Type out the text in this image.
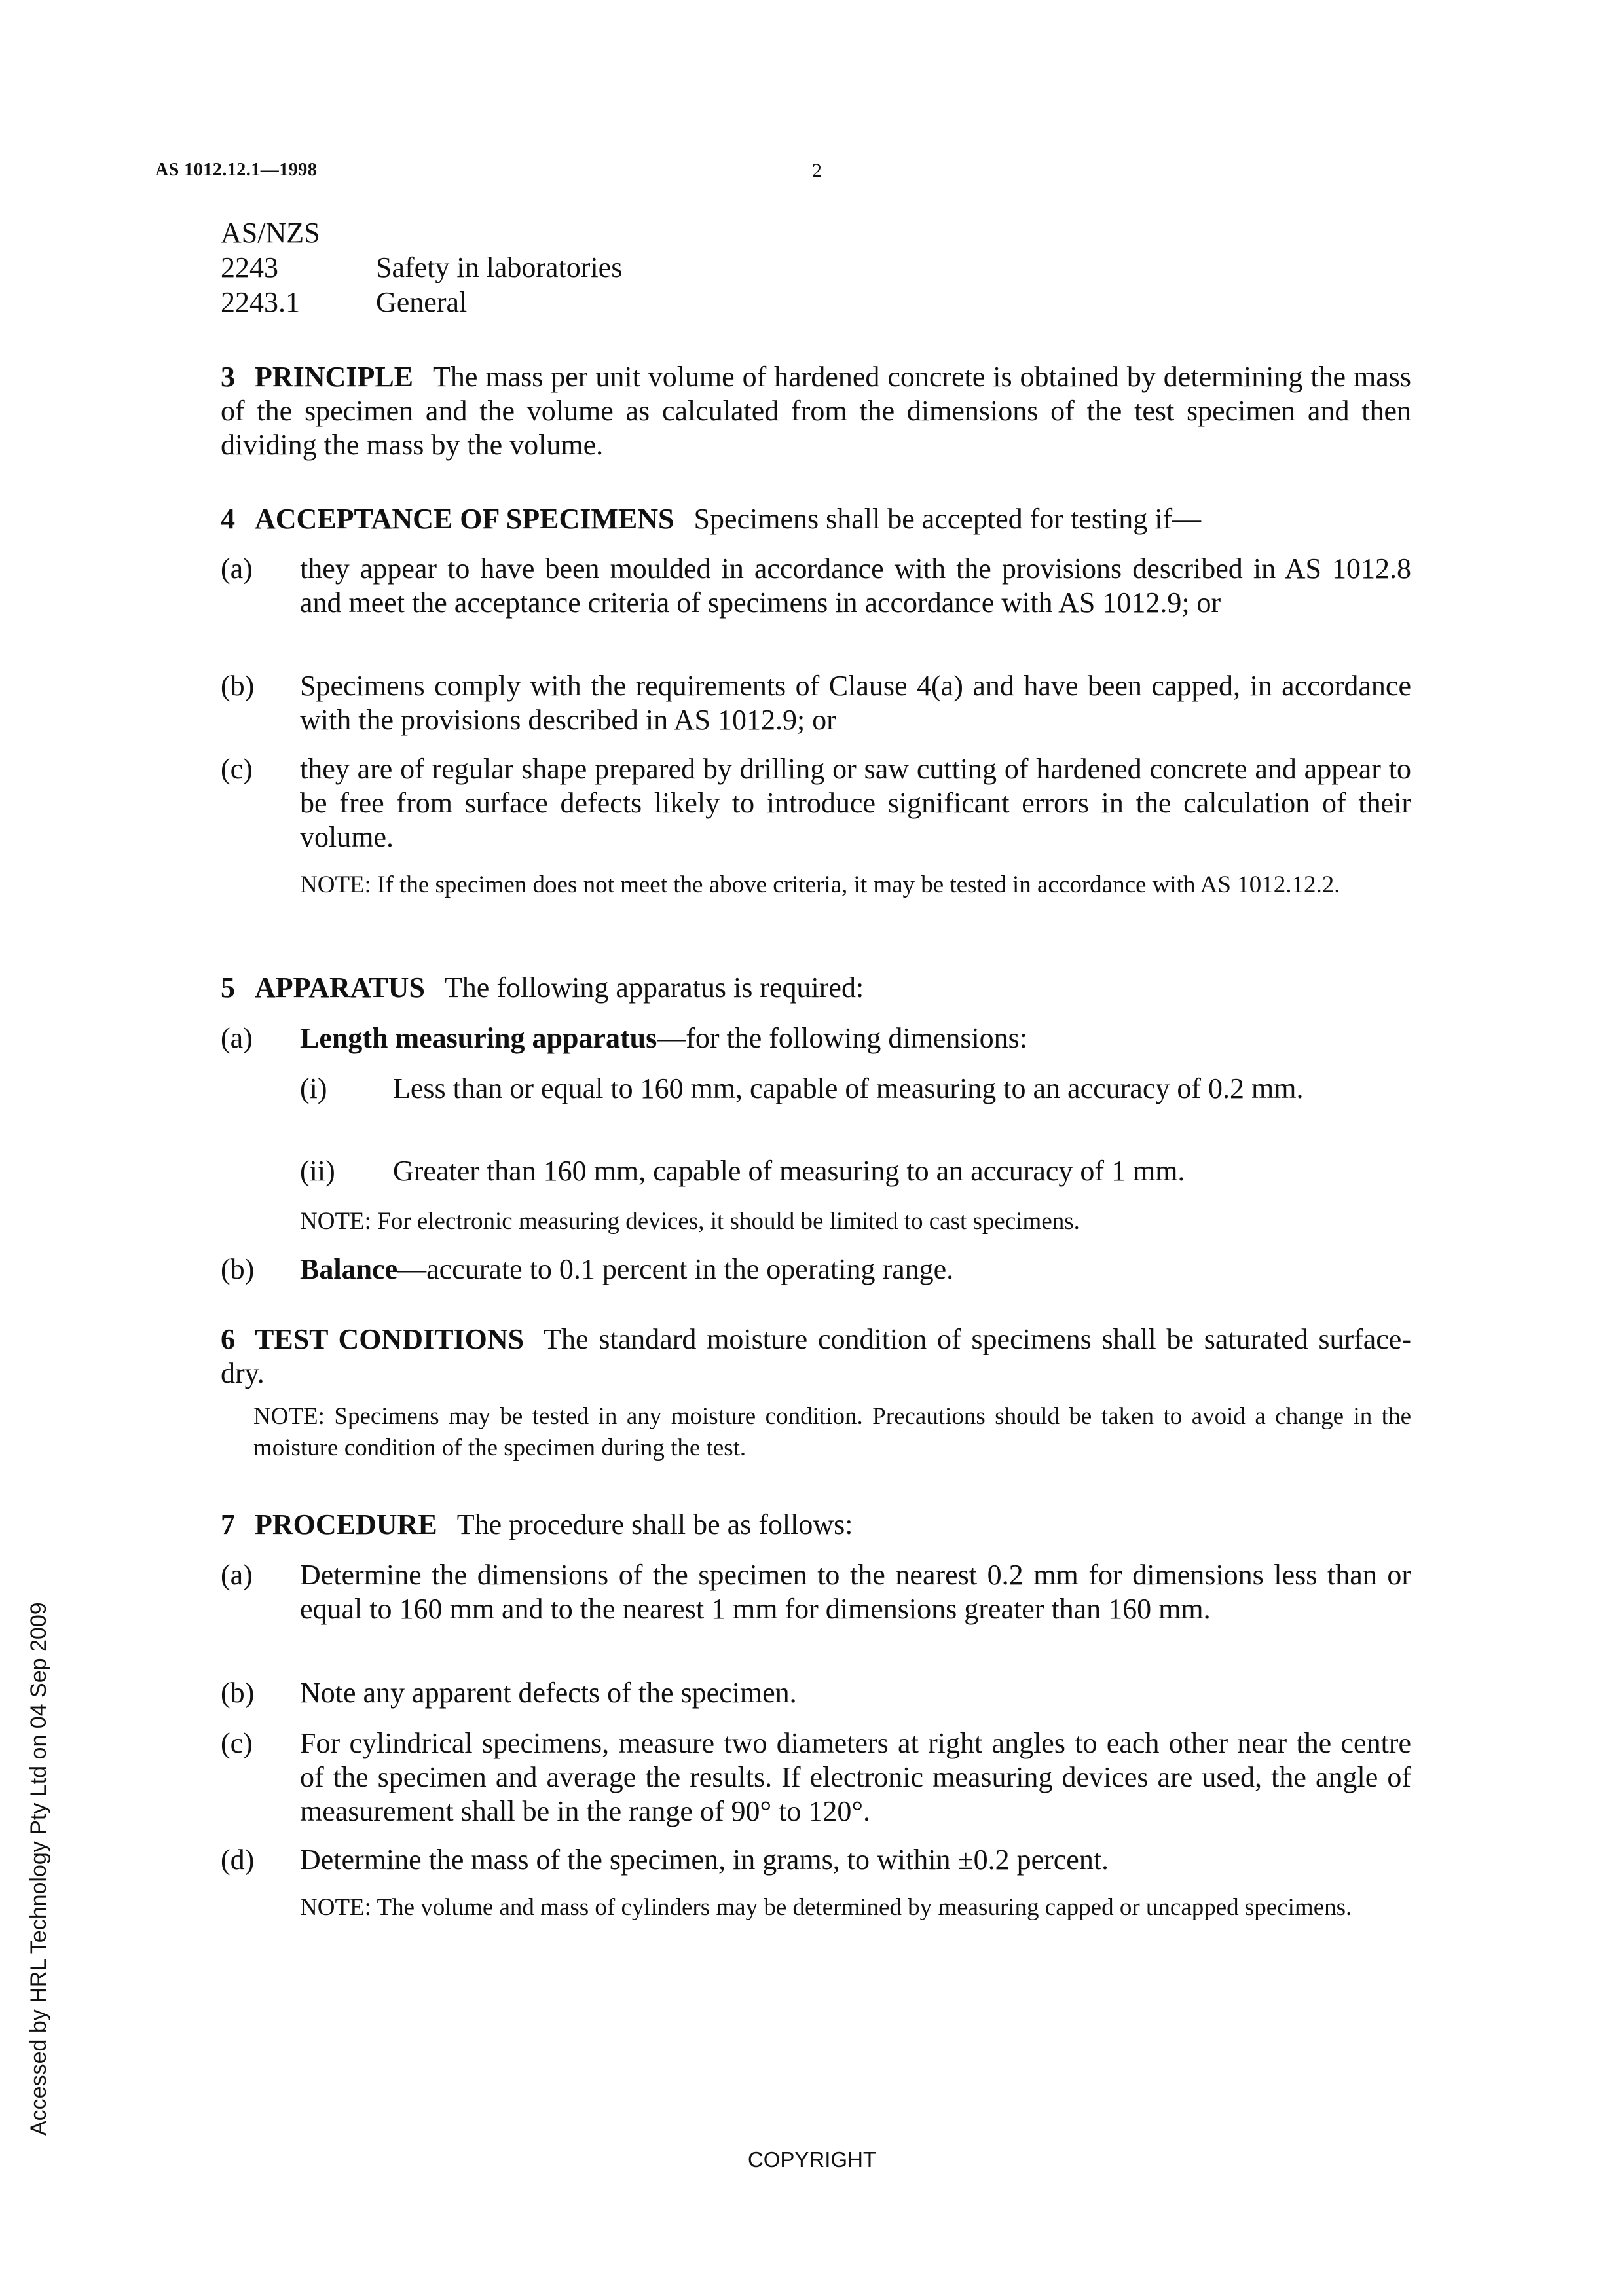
AS 1012.12.1—1998	2
AS/NZS
2243	Safety in laboratories
2243.1	General
3 PRINCIPLE The mass per unit volume of hardened concrete is obtained by determining the mass of the specimen and the volume as calculated from the dimensions of the test specimen and then dividing the mass by the volume.
4 ACCEPTANCE OF SPECIMENS Specimens shall be accepted for testing if—
(a) they appear to have been moulded in accordance with the provisions described in AS 1012.8 and meet the acceptance criteria of specimens in accordance with AS 1012.9; or
(b) Specimens comply with the requirements of Clause 4(a) and have been capped, in accordance with the provisions described in AS 1012.9; or
(c) they are of regular shape prepared by drilling or saw cutting of hardened concrete and appear to be free from surface defects likely to introduce significant errors in the calculation of their volume.
NOTE: If the specimen does not meet the above criteria, it may be tested in accordance with AS 1012.12.2.
5 APPARATUS The following apparatus is required:
(a) Length measuring apparatus—for the following dimensions:
(i) Less than or equal to 160 mm, capable of measuring to an accuracy of 0.2 mm.
(ii) Greater than 160 mm, capable of measuring to an accuracy of 1 mm.
NOTE: For electronic measuring devices, it should be limited to cast specimens.
(b) Balance—accurate to 0.1 percent in the operating range.
6 TEST CONDITIONS The standard moisture condition of specimens shall be saturated surface-dry.
NOTE: Specimens may be tested in any moisture condition. Precautions should be taken to avoid a change in the moisture condition of the specimen during the test.
7 PROCEDURE The procedure shall be as follows:
(a) Determine the dimensions of the specimen to the nearest 0.2 mm for dimensions less than or equal to 160 mm and to the nearest 1 mm for dimensions greater than 160 mm.
(b) Note any apparent defects of the specimen.
(c) For cylindrical specimens, measure two diameters at right angles to each other near the centre of the specimen and average the results. If electronic measuring devices are used, the angle of measurement shall be in the range of 90° to 120°.
(d) Determine the mass of the specimen, in grams, to within ±0.2 percent.
NOTE: The volume and mass of cylinders may be determined by measuring capped or uncapped specimens.
Accessed by HRL Technology Pty Ltd on 04 Sep 2009
COPYRIGHT
